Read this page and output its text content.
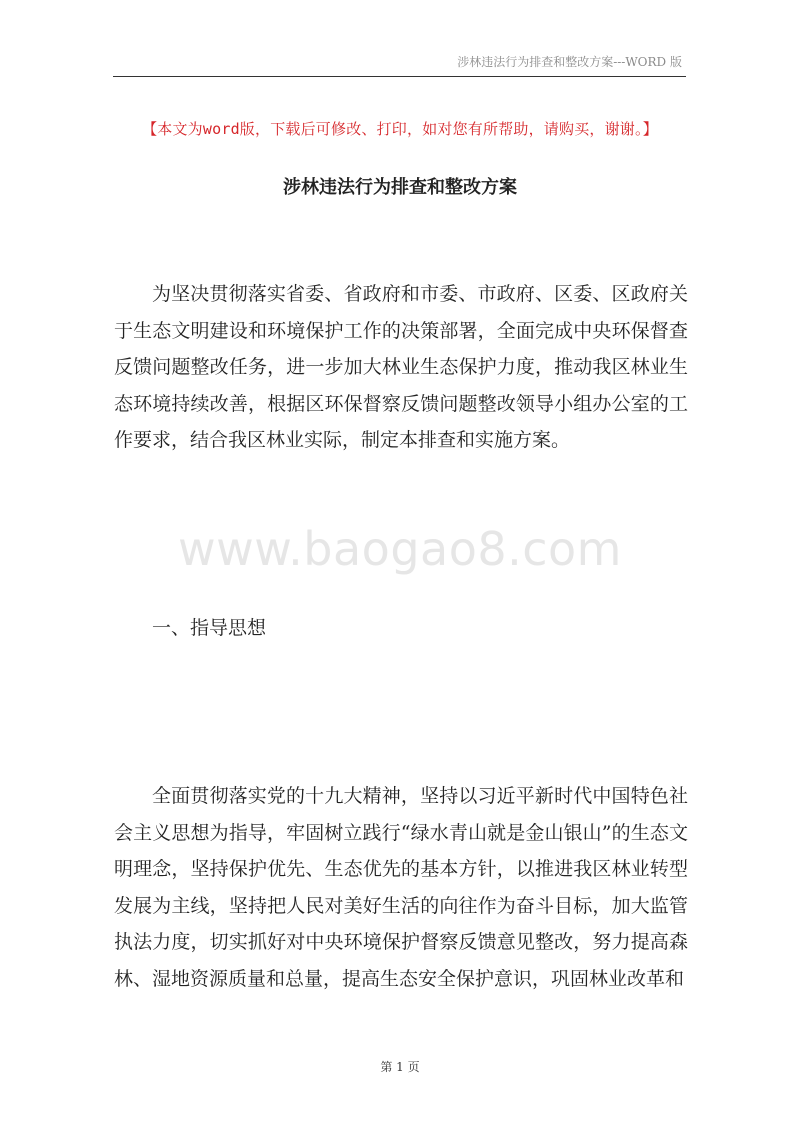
涉林违法行为排查和整改方案---WORD 版
【本文为word版，下载后可修改、打印，如对您有所帮助，请购买，谢谢。】
涉林违法行为排查和整改方案

为坚决贯彻落实省委、省政府和市委、市政府、区委、区政府关于生态文明建设和环境保护工作的决策部署，全面完成中央环保督查反馈问题整改任务，进一步加大林业生态保护力度，推动我区林业生态环境持续改善，根据区环保督察反馈问题整改领导小组办公室的工作要求，结合我区林业实际，制定本排查和实施方案。

www.baogao8.com
一、指导思想

全面贯彻落实党的十九大精神，坚持以习近平新时代中国特色社会主义思想为指导，牢固树立践行“绿水青山就是金山银山”的生态文明理念，坚持保护优先、生态优先的基本方针，以推进我区林业转型发展为主线，坚持把人民对美好生活的向往作为奋斗目标，加大监管执法力度，切实抓好对中央环境保护督察反馈意见整改，努力提高森林、湿地资源质量和总量，提高生态安全保护意识，巩固林业改革和

第 1 页
